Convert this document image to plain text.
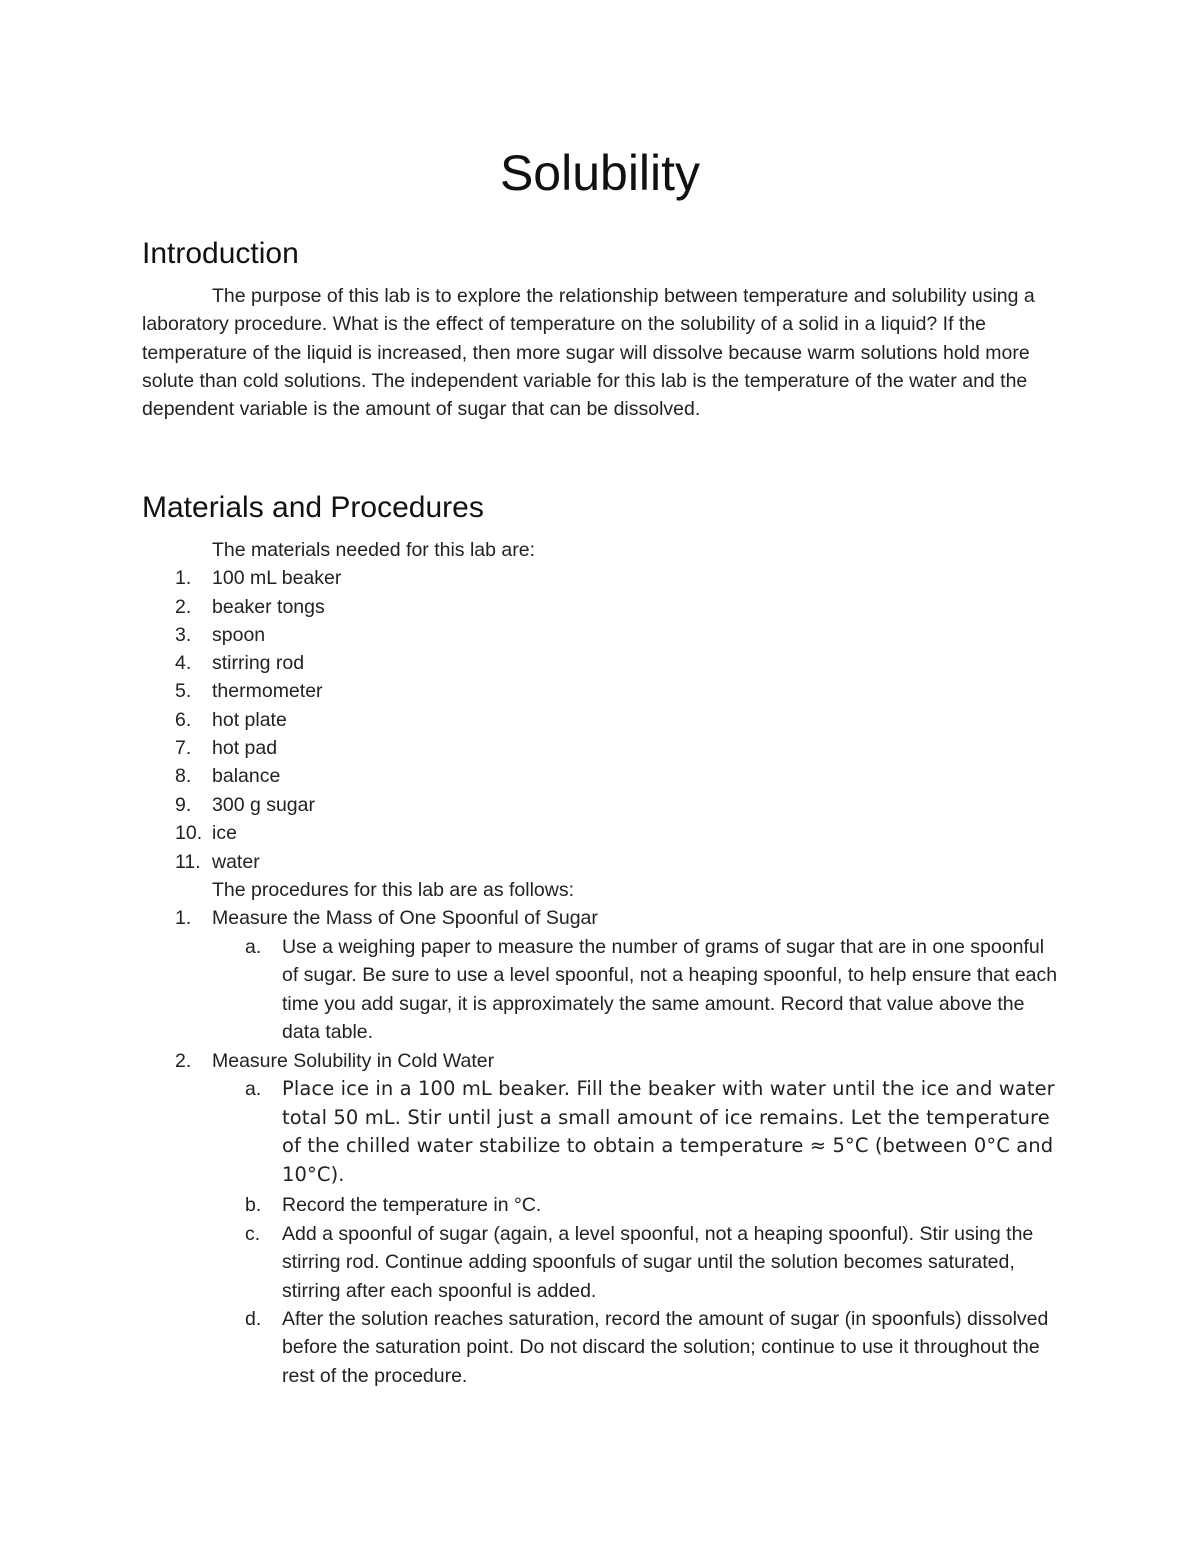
Solubility
Introduction

The purpose of this lab is to explore the relationship between temperature and solubility using a laboratory procedure. What is the effect of temperature on the solubility of a solid in a liquid? If the temperature of the liquid is increased, then more sugar will dissolve because warm solutions hold more solute than cold solutions. The independent variable for this lab is the temperature of the water and the dependent variable is the amount of sugar that can be dissolved.

Materials and Procedures
The materials needed for this lab are:
1. 100 mL beaker
2. beaker tongs
3. spoon
4. stirring rod
5. thermometer
6. hot plate
7. hot pad
8. balance
9. 300 g sugar
10. ice
11. water
The procedures for this lab are as follows:
1. Measure the Mass of One Spoonful of Sugar
a. Use a weighing paper to measure the number of grams of sugar that are in one spoonful of sugar. Be sure to use a level spoonful, not a heaping spoonful, to help ensure that each time you add sugar, it is approximately the same amount. Record that value above the data table.
2. Measure Solubility in Cold Water
a. Place ice in a 100 mL beaker. Fill the beaker with water until the ice and water total 50 mL. Stir until just a small amount of ice remains. Let the temperature of the chilled water stabilize to obtain a temperature ≈ 5°C (between 0°C and 10°C).
b. Record the temperature in °C.
c. Add a spoonful of sugar (again, a level spoonful, not a heaping spoonful). Stir using the stirring rod. Continue adding spoonfuls of sugar until the solution becomes saturated, stirring after each spoonful is added.
d. After the solution reaches saturation, record the amount of sugar (in spoonfuls) dissolved before the saturation point. Do not discard the solution; continue to use it throughout the rest of the procedure.
